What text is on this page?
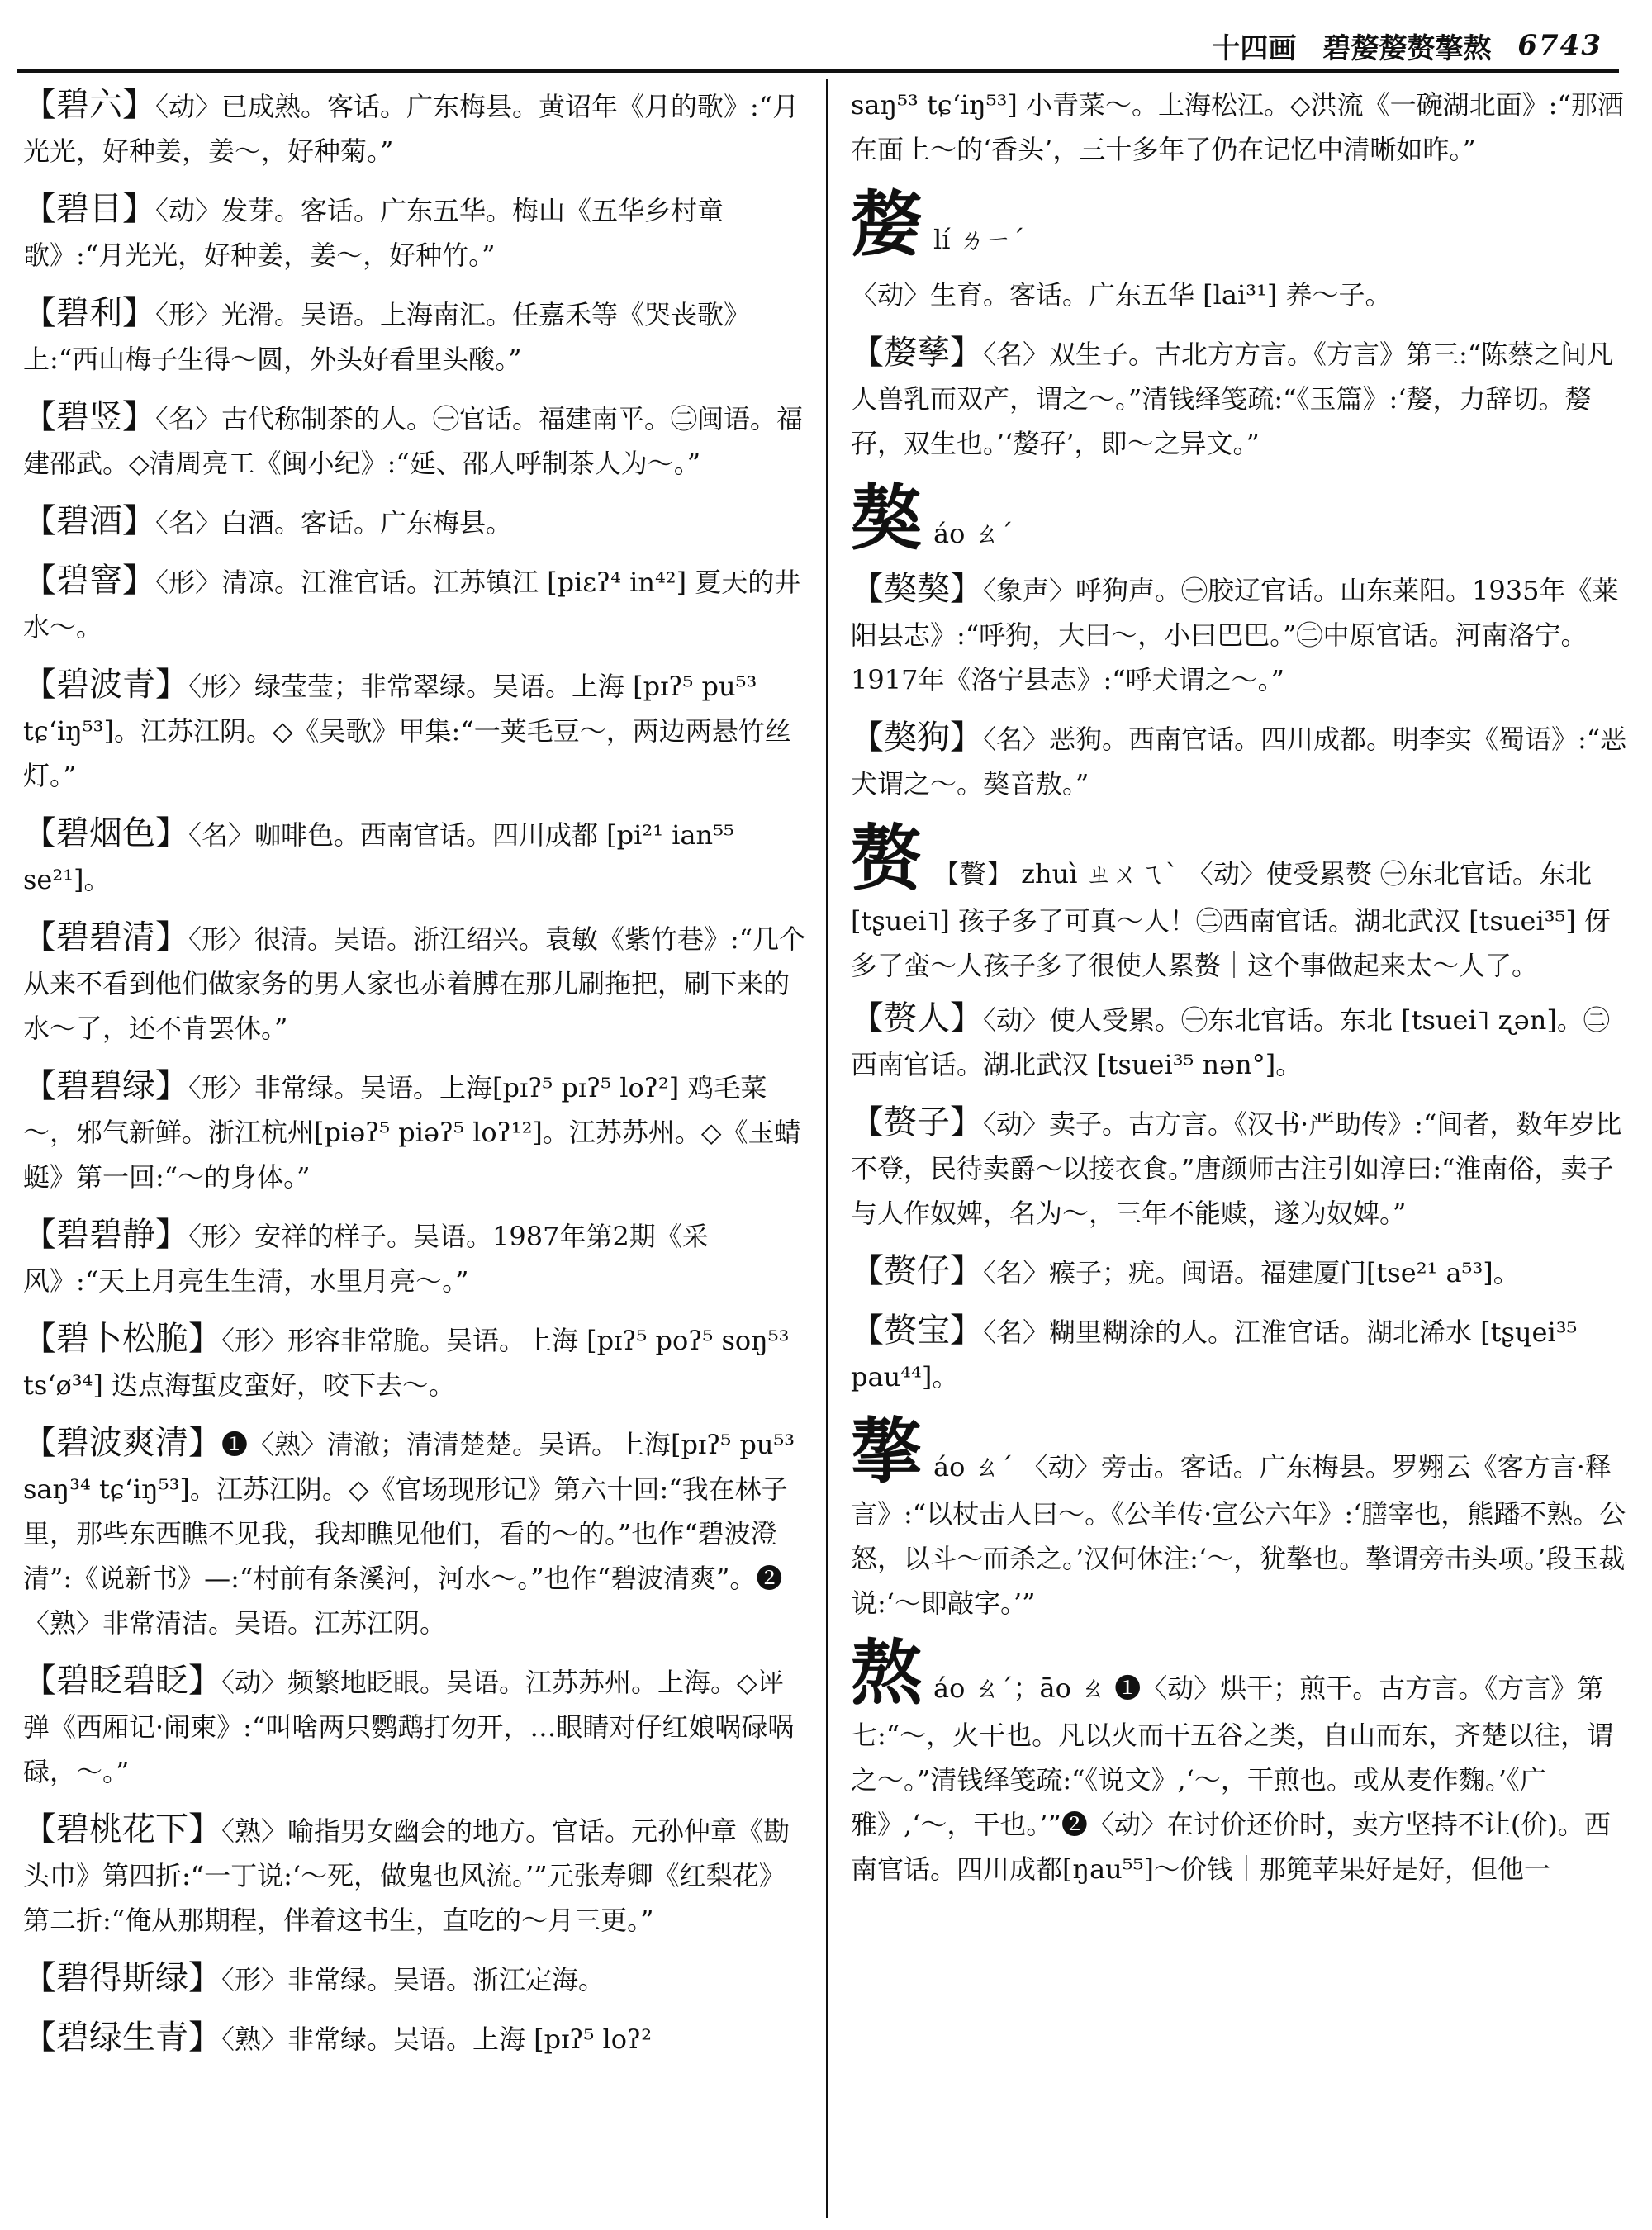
十四画 碧嫠嫠赘摮熬 6743
【碧六】〈动〉已成熟。客话。广东梅县。黄诏年《月的歌》:“月光光，好种姜，姜～，好种菊。”
【碧目】〈动〉发芽。客话。广东五华。梅山《五华乡村童歌》:“月光光，好种姜，姜～，好种竹。”
【碧利】〈形〉光滑。吴语。上海南汇。任嘉禾等《哭丧歌》上:“西山梅子生得～圆，外头好看里头酸。”
【碧竖】〈名〉古代称制茶的人。㊀官话。福建南平。㊁闽语。福建邵武。◇清周亮工《闽小纪》:“延、邵人呼制茶人为～。”
【碧酒】〈名〉白酒。客话。广东梅县。
【碧窨】〈形〉清凉。江淮官话。江苏镇江 [piɛʔ⁴ in⁴²] 夏天的井水～。
【碧波青】〈形〉绿莹莹；非常翠绿。吴语。上海 [pɪʔ⁵ pu⁵³ tɕʻiŋ⁵³]。江苏江阴。◇《吴歌》甲集:“一荚毛豆～，两边两悬竹丝灯。”
【碧烟色】〈名〉咖啡色。西南官话。四川成都 [pi²¹ ian⁵⁵ se²¹]。
【碧碧清】〈形〉很清。吴语。浙江绍兴。袁敏《紫竹巷》:“几个从来不看到他们做家务的男人家也赤着膊在那儿刷拖把，刷下来的水～了，还不肯罢休。”
【碧碧绿】〈形〉非常绿。吴语。上海[pɪʔ⁵ pɪʔ⁵ loʔ²] 鸡毛菜～，邪气新鲜。浙江杭州[piəʔ⁵ piəʔ⁵ loʔ¹²]。江苏苏州。◇《玉蜻蜓》第一回:“～的身体。”
【碧碧静】〈形〉安祥的样子。吴语。1987年第2期《采风》:“天上月亮生生清，水里月亮～。”
【碧卜松脆】〈形〉形容非常脆。吴语。上海 [pɪʔ⁵ poʔ⁵ soŋ⁵³ tsʻø³⁴] 迭点海蜇皮蛮好，咬下去～。
【碧波爽清】❶〈熟〉清澈；清清楚楚。吴语。上海[pɪʔ⁵ pu⁵³ saŋ³⁴ tɕʻiŋ⁵³]。江苏江阴。◇《官场现形记》第六十回:“我在林子里，那些东西瞧不见我，我却瞧见他们，看的～的。”也作“碧波澄清”:《说新书》—:“村前有条溪河，河水～。”也作“碧波清爽”。❷〈熟〉非常清洁。吴语。江苏江阴。
【碧眨碧眨】〈动〉频繁地眨眼。吴语。江苏苏州。上海。◇评弹《西厢记·闹柬》:“叫啥两只鹦鹉打勿开，…眼睛对仔红娘㖞碌㖞碌，～。”
【碧桃花下】〈熟〉喻指男女幽会的地方。官话。元孙仲章《勘头巾》第四折:“一丁说:‘～死，做鬼也风流。’”元张寿卿《红梨花》第二折:“俺从那期程，伴着这书生，直吃的～月三更。”
【碧得斯绿】〈形〉非常绿。吴语。浙江定海。
【碧绿生青】〈熟〉非常绿。吴语。上海 [pɪʔ⁵ loʔ²
saŋ⁵³ tɕʻiŋ⁵³] 小青菜～。上海松江。◇洪流《一碗湖北面》:“那洒在面上～的‘香头’，三十多年了仍在记忆中清晰如昨。”
嫠lí ㄌㄧˊ
〈动〉生育。客话。广东五华 [lai³¹] 养～子。
【嫠孳】〈名〉双生子。古北方方言。《方言》第三:“陈蔡之间凡人兽乳而双产，谓之～。”清钱绎笺疏:“《玉篇》:‘嫠，力辞切。嫠孖，双生也。’‘嫠孖’，即～之异文。”
獒áo ㄠˊ
【獒獒】〈象声〉呼狗声。㊀胶辽官话。山东莱阳。1935年《莱阳县志》:“呼狗，大曰～，小曰巴巴。”㊁中原官话。河南洛宁。1917年《洛宁县志》:“呼犬谓之～。”
【獒狗】〈名〉恶狗。西南官话。四川成都。明李实《蜀语》:“恶犬谓之～。獒音敖。”
赘 【贅】 zhuì ㄓㄨㄟˋ 〈动〉使受累赘 ㊀东北官话。东北 [tʂuei˥] 孩子多了可真～人！㊁西南官话。湖北武汉 [tsuei³⁵] 伢多了蛮～人孩子多了很使人累赘｜这个事做起来太～人了。
【赘人】〈动〉使人受累。㊀东北官话。东北 [tsuei˥ ʐən]。㊁西南官话。湖北武汉 [tsuei³⁵ nən°]。
【赘子】〈动〉卖子。古方言。《汉书·严助传》:“间者，数年岁比不登，民待卖爵～以接衣食。”唐颜师古注引如淳曰:“淮南俗，卖子与人作奴婢，名为～，三年不能赎，遂为奴婢。”
【赘仔】〈名〉瘊子；疣。闽语。福建厦门[tse²¹ a⁵³]。
【赘宝】〈名〉糊里糊涂的人。江淮官话。湖北浠水 [tʂɥei³⁵ pau⁴⁴]。
摮áo ㄠˊ 〈动〉旁击。客话。广东梅县。罗翙云《客方言·释言》:“以杖击人曰～。《公羊传·宣公六年》:‘膳宰也，熊蹯不熟。公怒，以斗～而杀之。’汉何休注:‘～，犹摮也。摮谓旁击头项。’段玉裁说:‘～即敲字。’”
熬áo ㄠˊ；āo ㄠ ❶〈动〉烘干；煎干。古方言。《方言》第七:“～，火干也。凡以火而干五谷之类，自山而东，齐楚以往，谓之～。”清钱绎笺疏:“《说文》,‘～，干煎也。或从麦作麴。’《广雅》,‘～，干也。’”❷〈动〉在讨价还价时，卖方坚持不让(价)。西南官话。四川成都[ŋau⁵⁵]～价钱｜那篼苹果好是好，但他一
